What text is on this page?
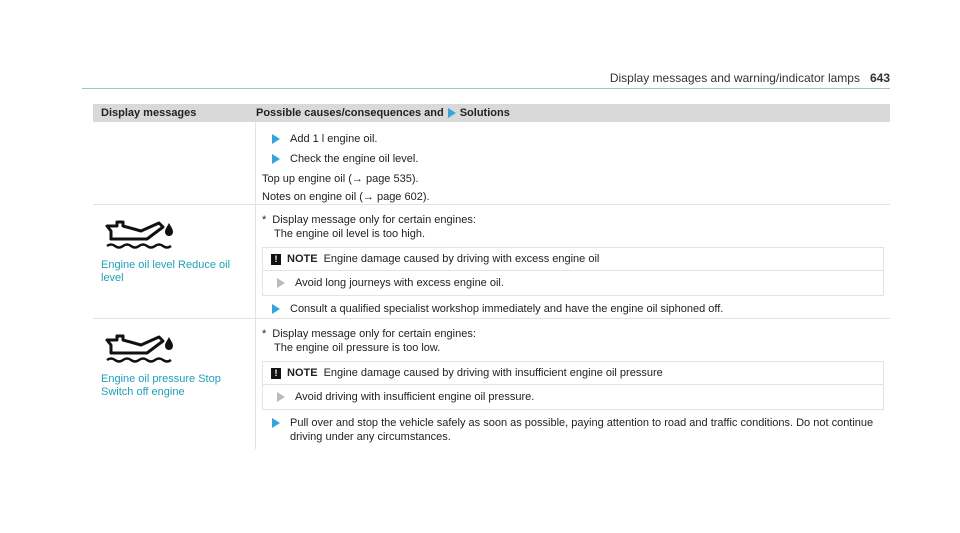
Display messages and warning/indicator lamps 643
Display messages	Possible causes/consequences and Solutions
Add 1 l engine oil.
Check the engine oil level.
Top up engine oil (→ page 535).
Notes on engine oil (→ page 602).
Engine oil level Reduce oil level
* Display message only for certain engines:
The engine oil level is too high.
! NOTE Engine damage caused by driving with excess engine oil
Avoid long journeys with excess engine oil.
Consult a qualified specialist workshop immediately and have the engine oil siphoned off.
Engine oil pressure Stop Switch off engine
* Display message only for certain engines:
The engine oil pressure is too low.
! NOTE Engine damage caused by driving with insufficient engine oil pressure
Avoid driving with insufficient engine oil pressure.
Pull over and stop the vehicle safely as soon as possible, paying attention to road and traffic conditions. Do not continue driving under any circumstances.
